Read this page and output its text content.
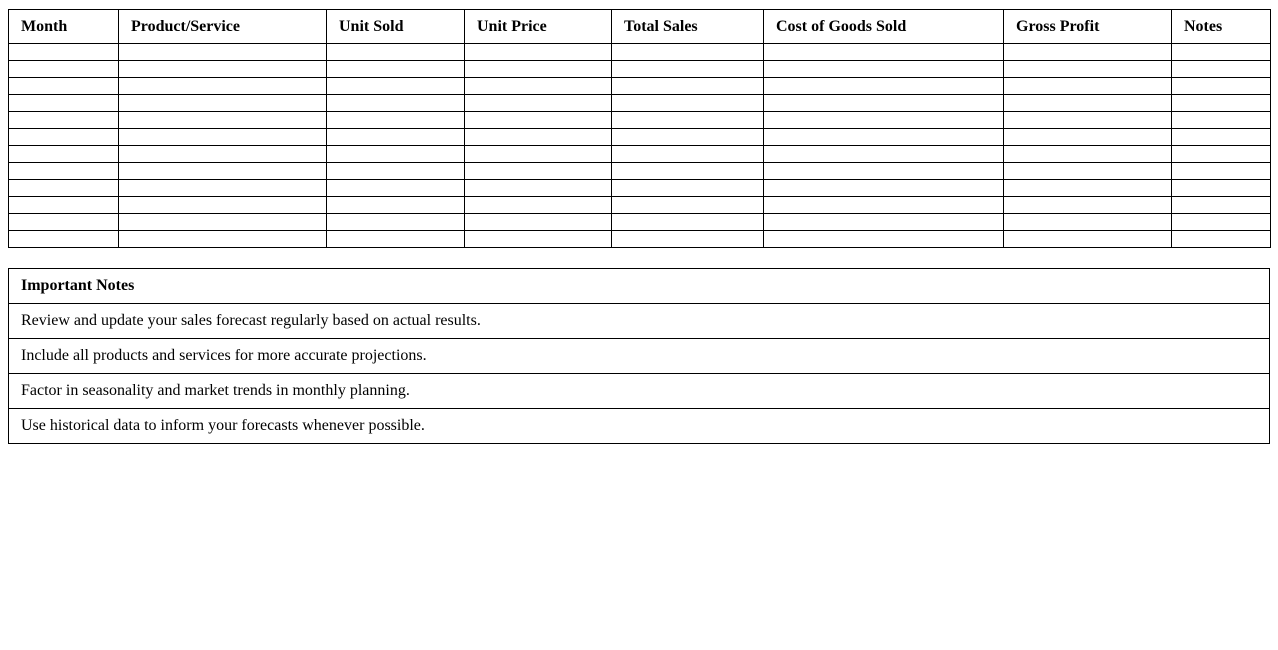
Month	Product/Service	Unit Sold	Unit Price	Total Sales	Cost of Goods Sold	Gross Profit	Notes

Important Notes
Review and update your sales forecast regularly based on actual results.
Include all products and services for more accurate projections.
Factor in seasonality and market trends in monthly planning.
Use historical data to inform your forecasts whenever possible.
